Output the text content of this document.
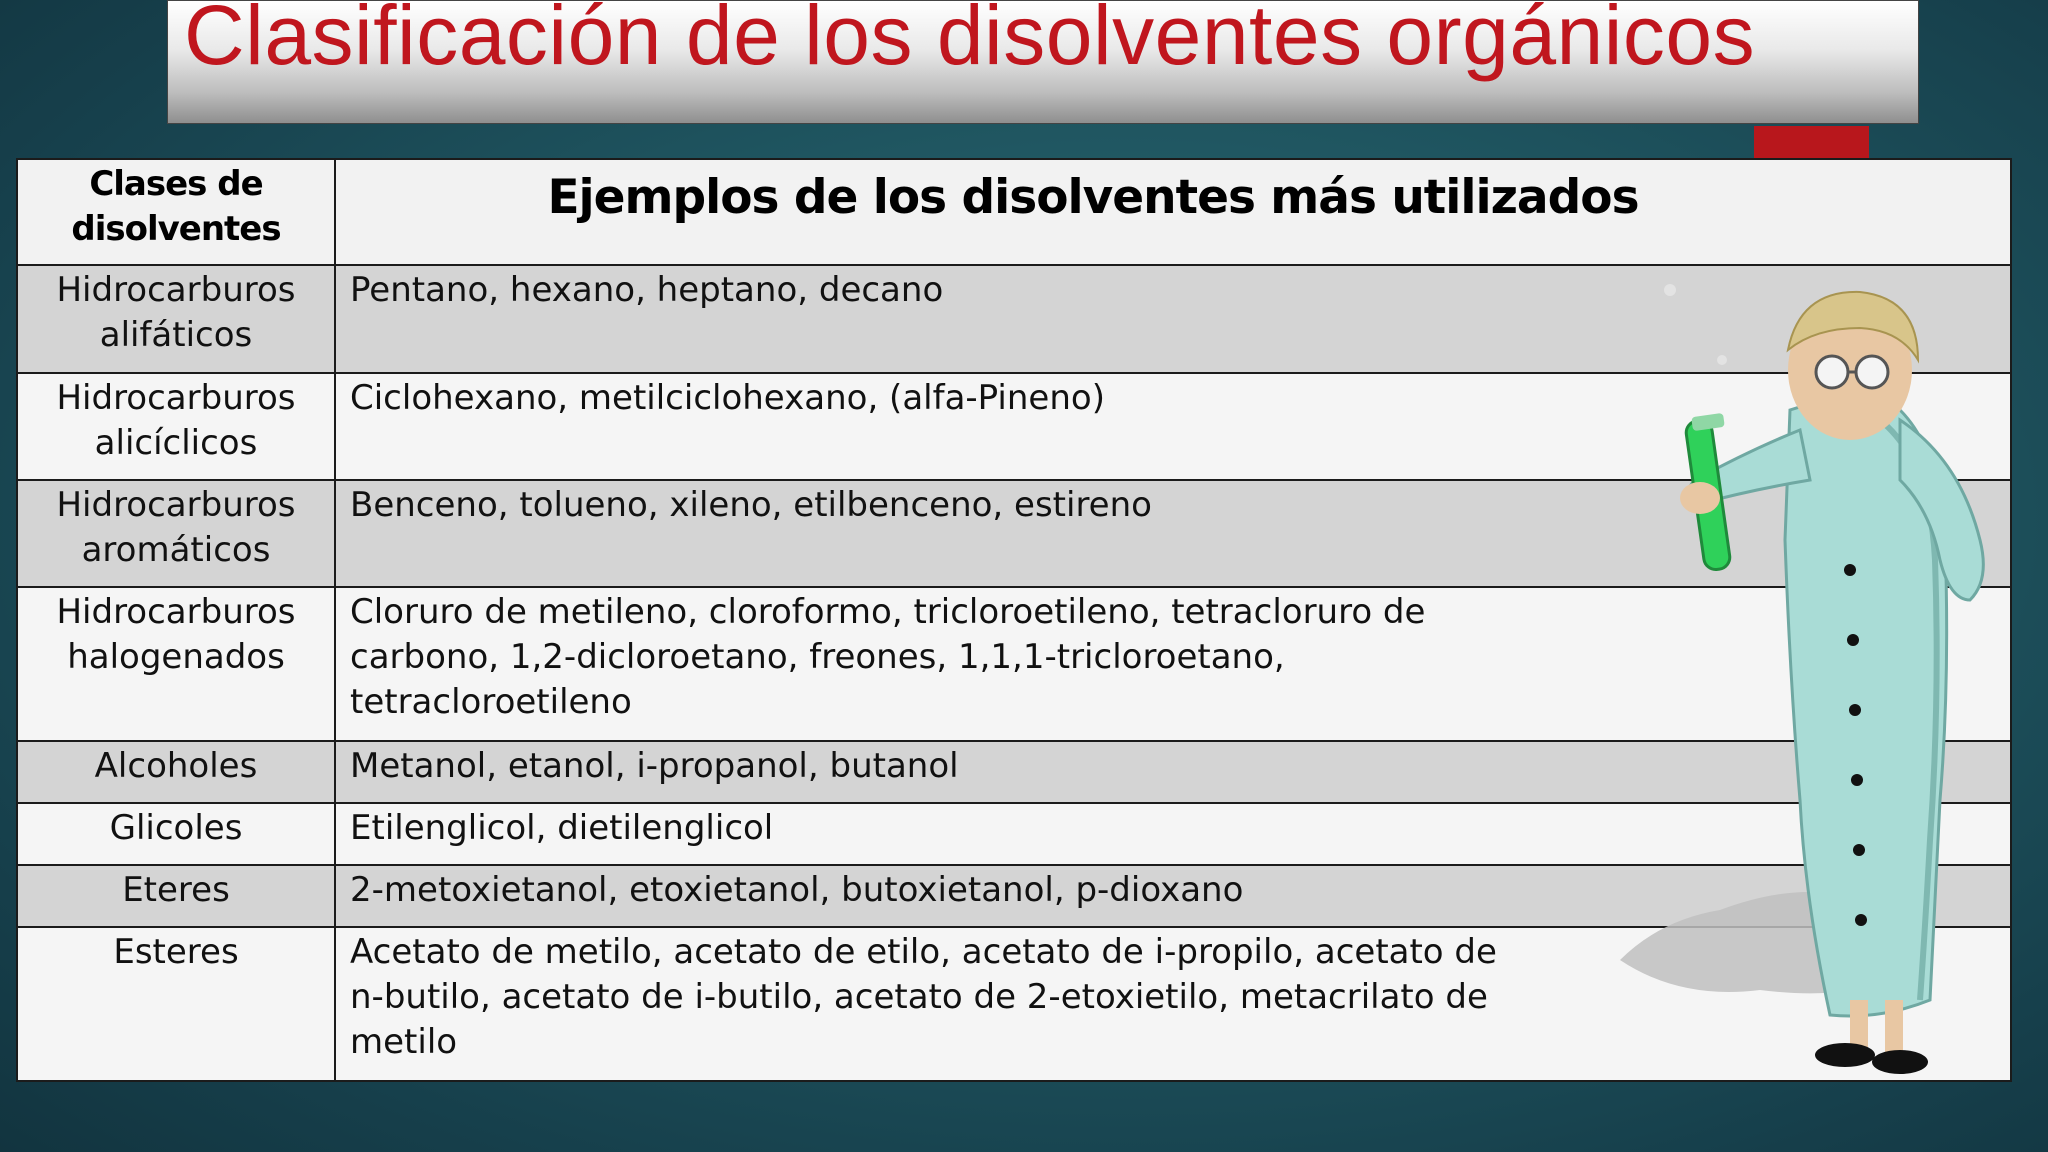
Clasificación de los disolventes orgánicos
Clases de disolventes	Ejemplos de los disolventes más utilizados
Hidrocarburos alifáticos	Pentano, hexano, heptano, decano

Hidrocarburos alicíclicos	Ciclohexano, metilciclohexano, (alfa-Pineno)

Hidrocarburos aromáticos	Benceno, tolueno, xileno, etilbenceno, estireno

Hidrocarburos halogenados	Cloruro de metileno, cloroformo, tricloroetileno, tetracloruro de carbono, 1,2-dicloroetano, freones, 1,1,1-tricloroetano, tetracloroetileno

Alcoholes	Metanol, etanol, i-propanol, butanol

Glicoles	Etilenglicol, dietilenglicol

Eteres	2-metoxietanol, etoxietanol, butoxietanol, p-dioxano

Esteres	Acetato de metilo, acetato de etilo, acetato de i-propilo, acetato de n-butilo, acetato de i-butilo, acetato de 2-etoxietilo, metacrilato de metilo
